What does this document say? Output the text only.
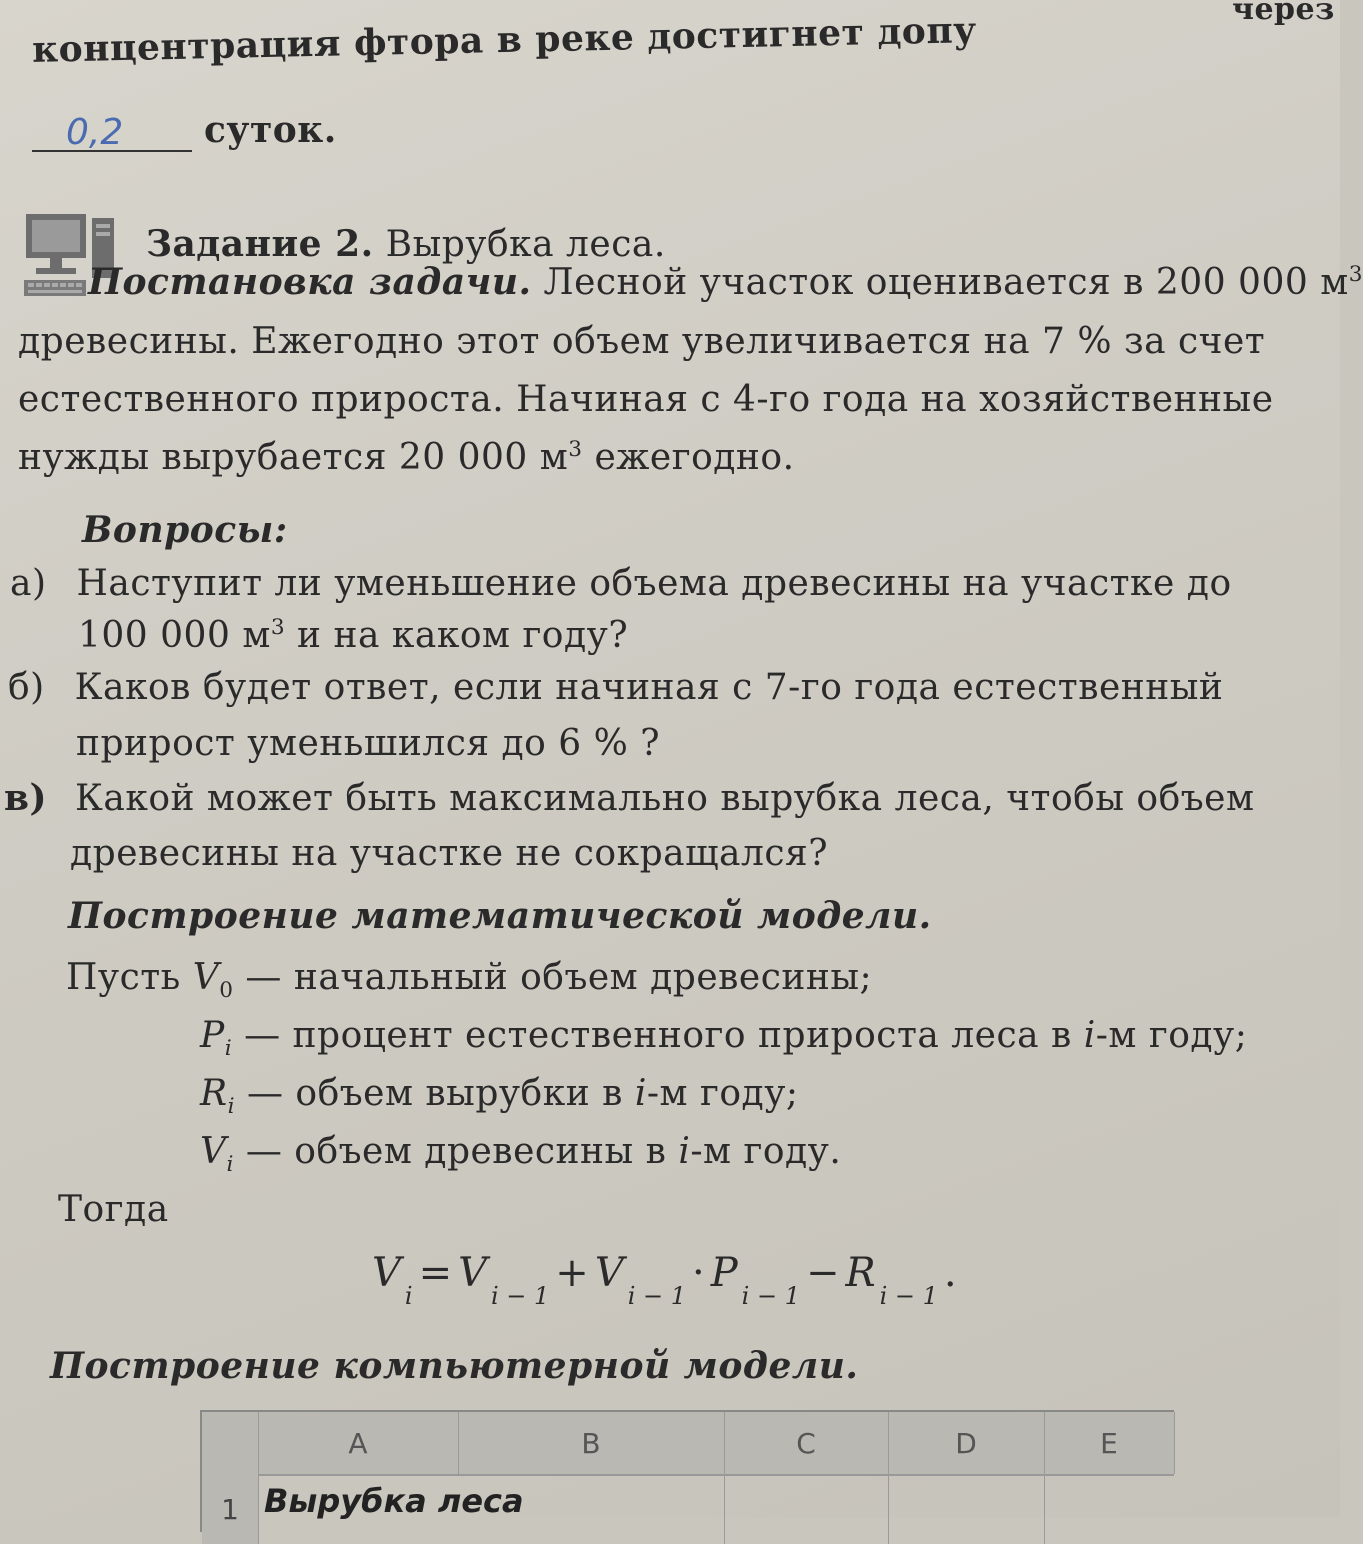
концентрация фтора в реке достигнет допу	через
0,2 суток.
Задание 2. Вырубка леса.
Постановка задачи. Лесной участок оценивается в 200 000 $м^3$
древесины. Ежегодно этот объем увеличивается на 7 % за счет
естественного прироста. Начиная с 4-го года на хозяйственные
нужды вырубается 20 000 $м^3$ ежегодно.
Вопросы:
а) Наступит ли уменьшение объема древесины на участке до
100 000 $м^3$ и на каком году?
б) Каков будет ответ, если начиная с 7-го года естественный
прирост уменьшился до 6 % ?
в) Какой может быть максимально вырубка леса, чтобы объем
древесины на участке не сокращался?
Построение математической модели.
Пусть $V_0$ — начальный объем древесины;
$P_i$ — процент естественного прироста леса в i-м году;
$R_i$ — объем вырубки в i-м году;
$V_i$ — объем древесины в i-м году.
Тогда
V $_i$ = V $_{i - 1}$ + V $_{i - 1}$ · P $_{i - 1}$ − R $_{i - 1}$ .
Построение компьютерной модели.
A	B	C	D	E
1 Вырубка леса
